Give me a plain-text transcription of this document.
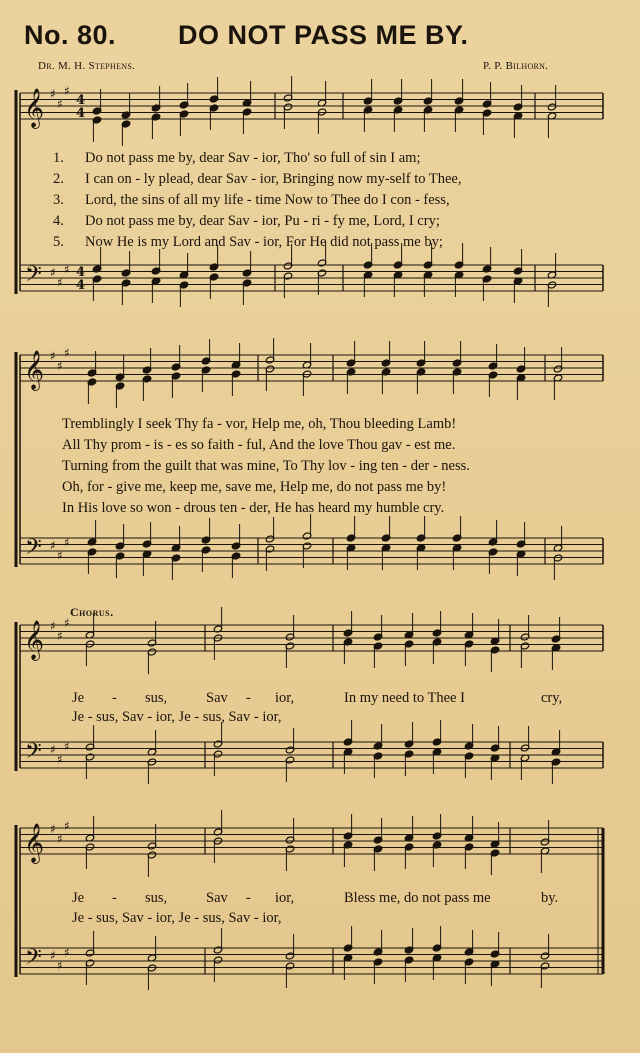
No. 80. DO NOT PASS ME BY.
Dr. M. H. Stephens.	P. P. Bilhorn.
𝄞
𝄢
♯
♯
♯
♯
♯
♯
𝄞
𝄢
♯
♯
♯
♯
♯
♯
𝄞
𝄢
♯
♯
♯
♯
♯
♯
𝄞
𝄢
♯
♯
♯
♯
♯
♯
4
4
4
4
1. Do not pass me by, dear Sav - ior, Tho' so full of sin I am;
2. I can on - ly plead, dear Sav - ior, Bringing now my-self to Thee,
3. Lord, the sins of all my life - time Now to Thee do I con - fess,
4. Do not pass me by, dear Sav - ior, Pu - ri - fy me, Lord, I cry;
5. Now He is my Lord and Sav - ior, For He did not pass me by;
Tremblingly I seek Thy fa - vor, Help me, oh, Thou bleeding Lamb!
All Thy prom - is - es so faith - ful, And the love Thou gav - est me.
Turning from the guilt that was mine, To Thy lov - ing ten - der - ness.
Oh, for - give me, keep me, save me, Help me, do not pass me by!
In His love so won - drous ten - der, He has heard my humble cry.
Chorus.
Je - sus,	Sav - ior,	In my need to Thee I	cry,
Je - sus, Sav - ior, Je - sus, Sav - ior,
Je - sus,	Sav - ior,	Bless me, do not pass me	by.
Je - sus, Sav - ior, Je - sus, Sav - ior,
